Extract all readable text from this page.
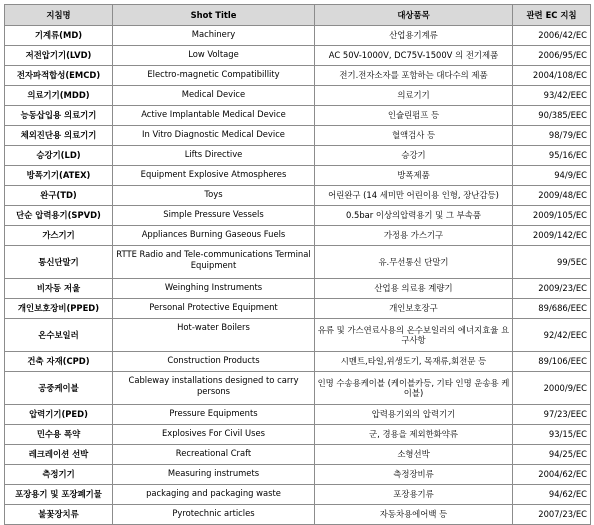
지침명	Shot Title	대상품목	관련 EC 지침
기계류(MD)	Machinery	산업용기계류	2006/42/EC
저전압기기(LVD)	Low Voltage	AC 50V-1000V, DC75V-1500V 의 전기제품	2006/95/EC
전자파적합성(EMCD)	Electro-magnetic Compatibillity	전기.전자소자를 포함하는 대다수의 제품	2004/108/EC
의료기기(MDD)	Medical Device	의료기기	93/42/EEC
능동삽입용 의료기기	Active Implantable Medical Device	인슐린펌프 등	90/385/EEC
체외진단용 의료기기	In Vitro Diagnostic Medical Device	혈액검사 등	98/79/EC
승강기(LD)	Lifts Directive	승강기	95/16/EC
방폭기기(ATEX)	Equipment Explosive Atmospheres	방폭제품	94/9/EC
완구(TD)	Toys	어린완구 (14 세미만 어린이용 인형, 장난감등)	2009/48/EC
단순 압력용기(SPVD)	Simple Pressure Vessels	0.5bar 이상의압력용기 및 그 부속품	2009/105/EC
가스기기	Appliances Burning Gaseous Fuels	가정용 가스기구	2009/142/EC
통신단말기	RTTE Radio and Tele-communications Terminal Equipment	유.무선통신 단말기	99/5EC
비자동 저울	Weinghing Instruments	산업용 의료용 계량기	2009/23/EC
개인보호장비(PPED)	Personal Protective Equipment	개인보호장구	89/686/EEC
온수보일러	Hot-water Boilers	유류 및 가스연료사용의 온수보일러의 에너지효율 요구사항	92/42/EEC
건축 자재(CPD)	Construction Products	시멘트,타일,위생도기, 목재류,회전문 등	89/106/EEC
공중케이블	Cableway installations designed to carry persons	인명 수송용케이블 (케이블카등, 기타 인명 운송용 케이블)	2000/9/EC
압력기기(PED)	Pressure Equipments	압력용기외의 압력기기	97/23/EEC
민수용 폭약	Explosives For Civil Uses	군, 경용을 제외한화약류	93/15/EC
레크레이션 선박	Recreational Craft	소형선박	94/25/EC
측정기기	Measuring instrumets	측정장비류	2004/62/EC
포장용기 및 포장폐기물	packaging and packaging waste	포장용기류	94/62/EC
불꽃장치류	Pyrotechnic articles	자동차용에어백 등	2007/23/EC
